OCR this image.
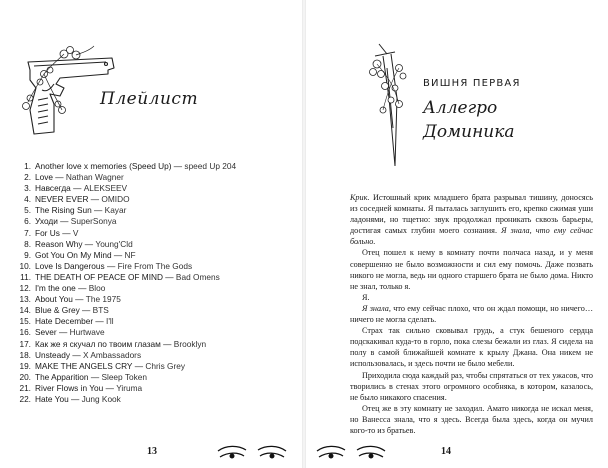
Плейлист
1. Another love x memories (Speed Up) — speed Up 204
2. Love — Nathan Wagner
3. Навсегда — ALEKSEEV
4. NEVER EVER — OMIDO
5. The Rising Sun — Kayar
6. Уходи — SuperSonya
7. For Us — V
8. Reason Why — Young'Cld
9. Got You On My Mind — NF
10. Love Is Dangerous — Fire From The Gods
11. THE DEATH OF PEACE OF MIND — Bad Omens
12. I'm the one — Bloo
13. About You — The 1975
14. Blue & Grey — BTS
15. Hate December — I'll
16. Sever — Hurtwave
17. Как же я скучал по твоим глазам — Brooklyn
18. Unsteady — X Ambassadors
19. MAKE THE ANGELS CRY — Chris Grey
20. The Apparition — Sleep Token
21. River Flows in You — Yiruma
22. Hate You — Jung Kook
13
ВИШНЯ ПЕРВАЯ
Аллегро
Доминика

Крик. Истошный крик младшего брата разрывал тишину, доносясь из соседней комнаты. Я пыталась заглушить его, крепко сжимая уши ладонями, но тщетно: звук продолжал проникать сквозь барьеры, достигая самых глубин моего сознания. Я знала, что ему сейчас больно.

Отец пошел к нему в комнату почти полчаса назад, и у меня совершенно не было возможности и сил ему помочь. Даже позвать никого не могла, ведь ни одного старшего брата не было дома. Никто не знал, только я.

Я.

Я знала, что ему сейчас плохо, что он ждал помощи, но ничего… ничего не могла сделать.

Страх так сильно сковывал грудь, а стук бешеного сердца подскакивал куда-то в горло, пока слезы бежали из глаз. Я сидела на полу в самой ближайшей комнате к крылу Джана. Она никем не использовалась, и здесь почти не было мебели.

Приходила сюда каждый раз, чтобы спрятаться от тех ужасов, что творились в стенах этого огромного особняка, в котором, казалось, не было никакого спасения.

Отец же в эту комнату не заходил. Амато никогда не искал меня, но Ванесса знала, что я здесь. Всегда была здесь, когда он мучил кого-то из братьев.

14
